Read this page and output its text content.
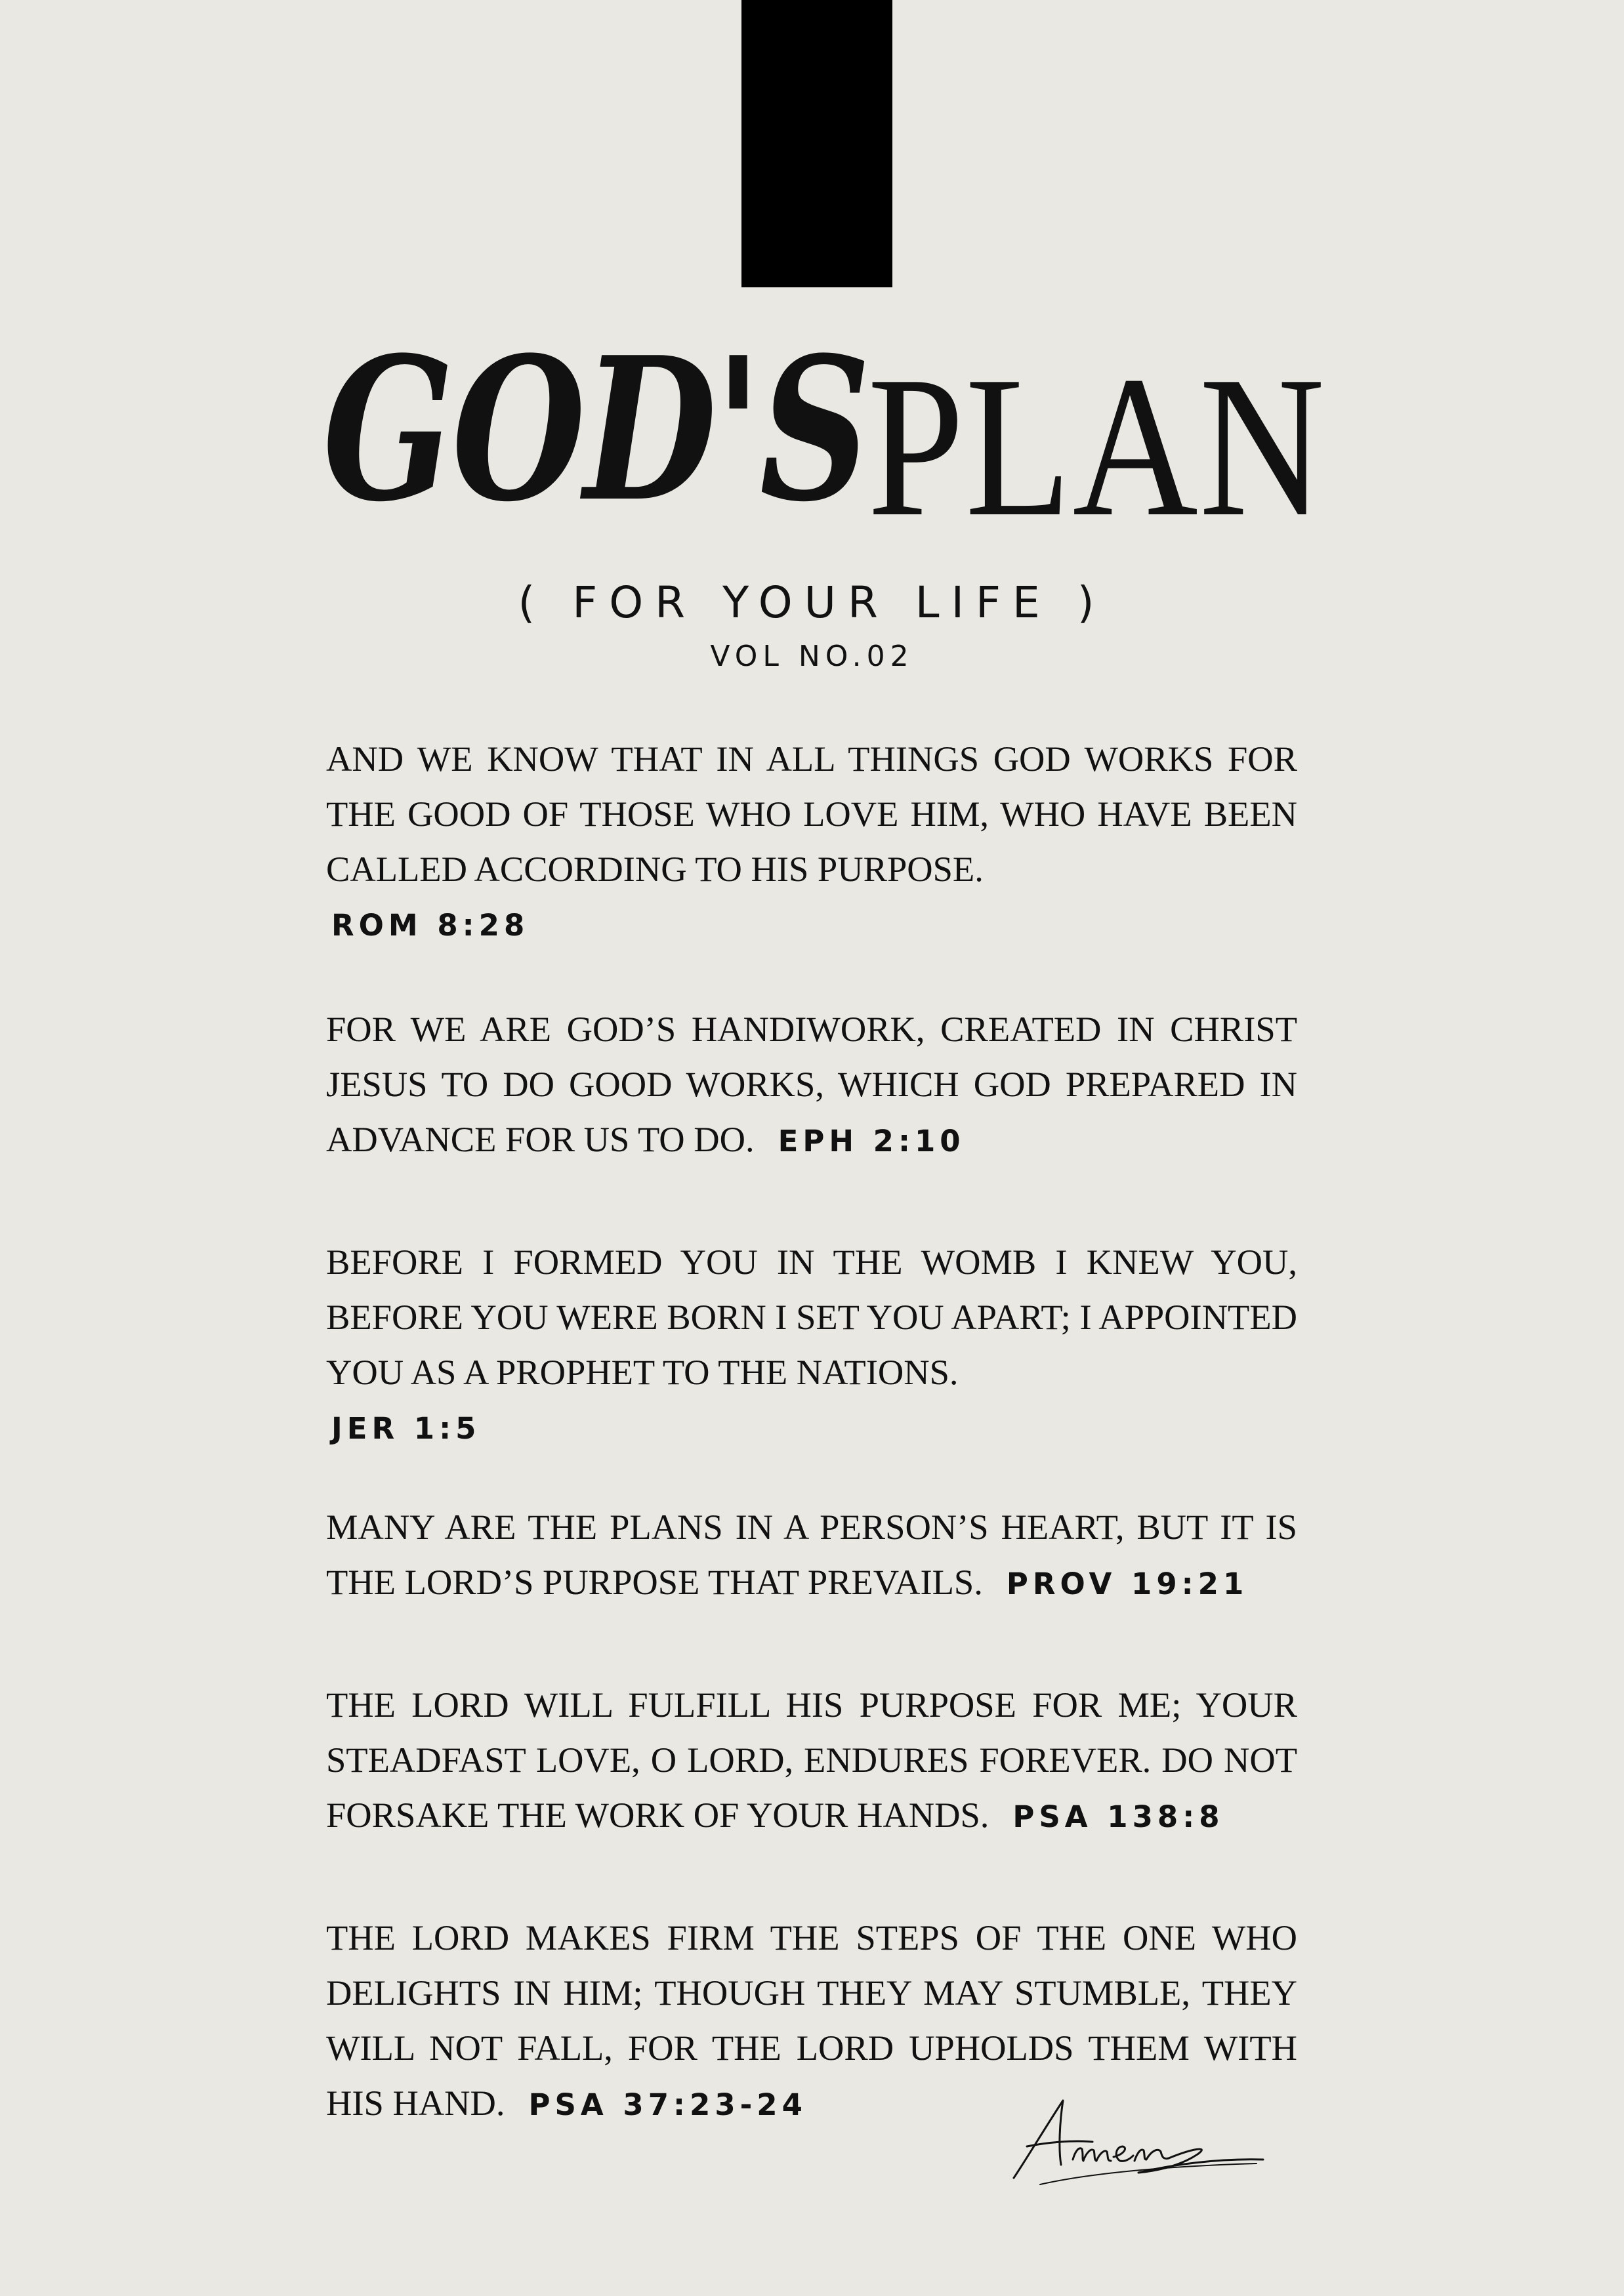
GOD'S
PLAN
( FOR YOUR LIFE )
VOL NO.02

AND WE KNOW THAT IN ALL THINGS GOD WORKS FOR THE GOOD OF THOSE WHO LOVE HIM, WHO HAVE BEEN CALLED ACCORDING TO HIS PURPOSE.

ROM 8:28

FOR WE ARE GOD’S HANDIWORK, CREATED IN CHRIST JESUS TO DO GOOD WORKS, WHICH GOD PREPARED IN ADVANCE FOR US TO DO. EPH 2:10

BEFORE I FORMED YOU IN THE WOMB I KNEW YOU, BEFORE YOU WERE BORN I SET YOU APART; I APPOINTED YOU AS A PROPHET TO THE NATIONS.

JER 1:5

MANY ARE THE PLANS IN A PERSON’S HEART, BUT IT IS THE LORD’S PURPOSE THAT PREVAILS. PROV 19:21

THE LORD WILL FULFILL HIS PURPOSE FOR ME; YOUR STEADFAST LOVE, O LORD, ENDURES FOREVER. DO NOT FORSAKE THE WORK OF YOUR HANDS. PSA 138:8

THE LORD MAKES FIRM THE STEPS OF THE ONE WHO DELIGHTS IN HIM; THOUGH THEY MAY STUMBLE, THEY WILL NOT FALL, FOR THE LORD UPHOLDS THEM WITH HIS HAND. PSA 37:23-24
